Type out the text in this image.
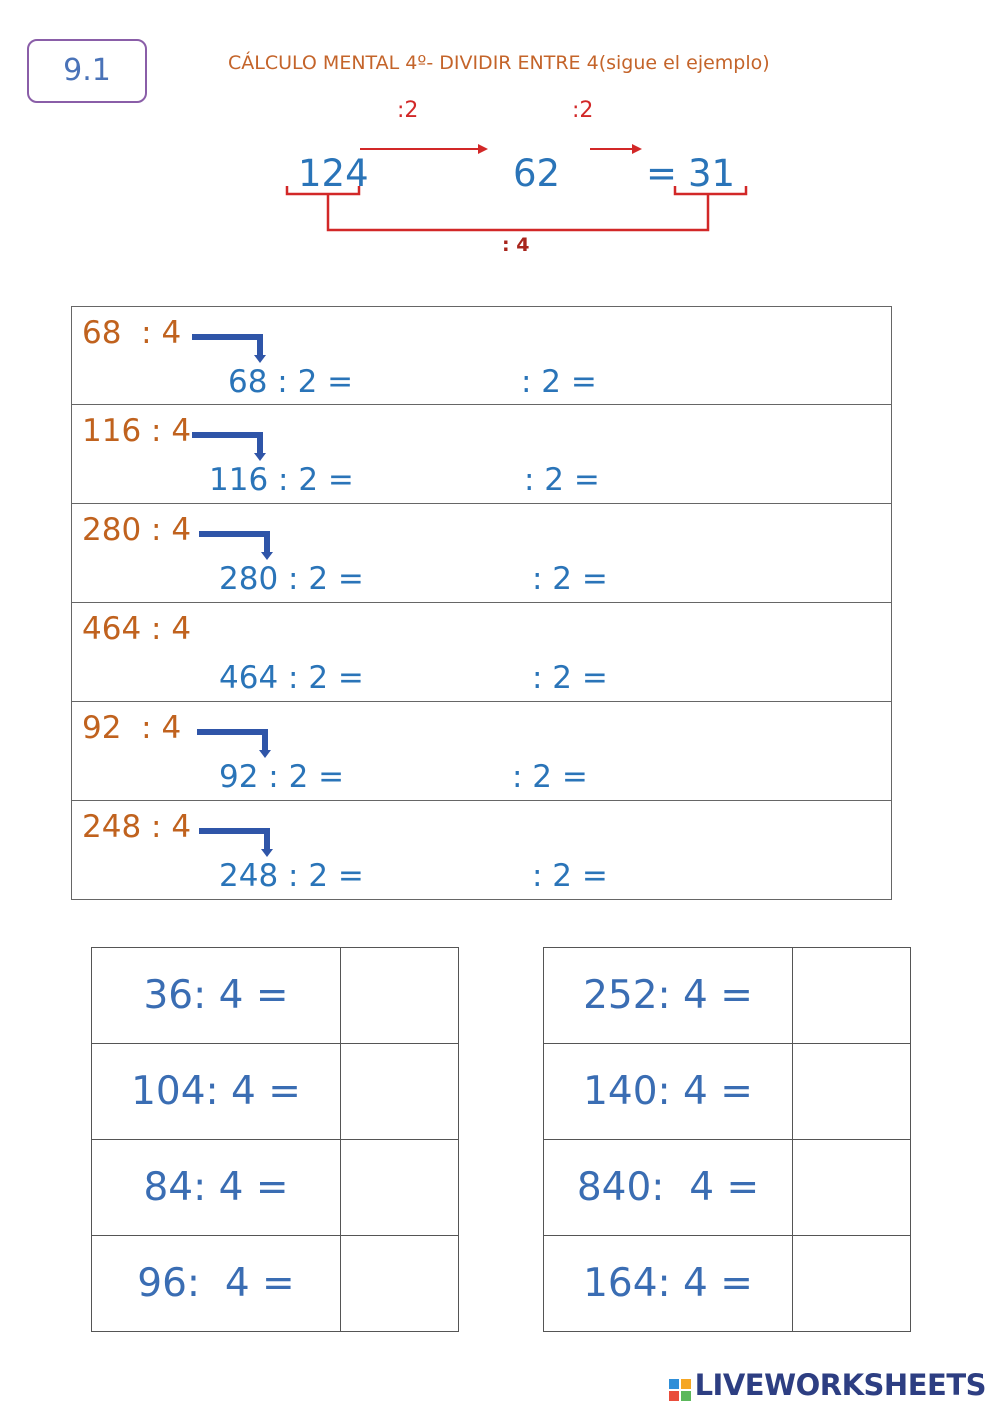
9.1	CÁLCULO MENTAL 4º- DIVIDIR ENTRE 4(sigue el ejemplo)
:2	:2
124	62 = 31
: 4
68  : 4
68 : 2 =	: 2 =
116 : 4
116 : 2 =	: 2 =
280 : 4
280 : 2 =	: 2 =
464 : 4
464 : 2 =	: 2 =
92  : 4
92 : 2 =	: 2 =
248 : 4
248 : 2 =	: 2 =
36: 4 =	
104: 4 =	
84: 4 =	
96:  4 =	
252: 4 =	
140: 4 =	
840:  4 =	
164: 4 =	
LIVEWORKSHEETS
